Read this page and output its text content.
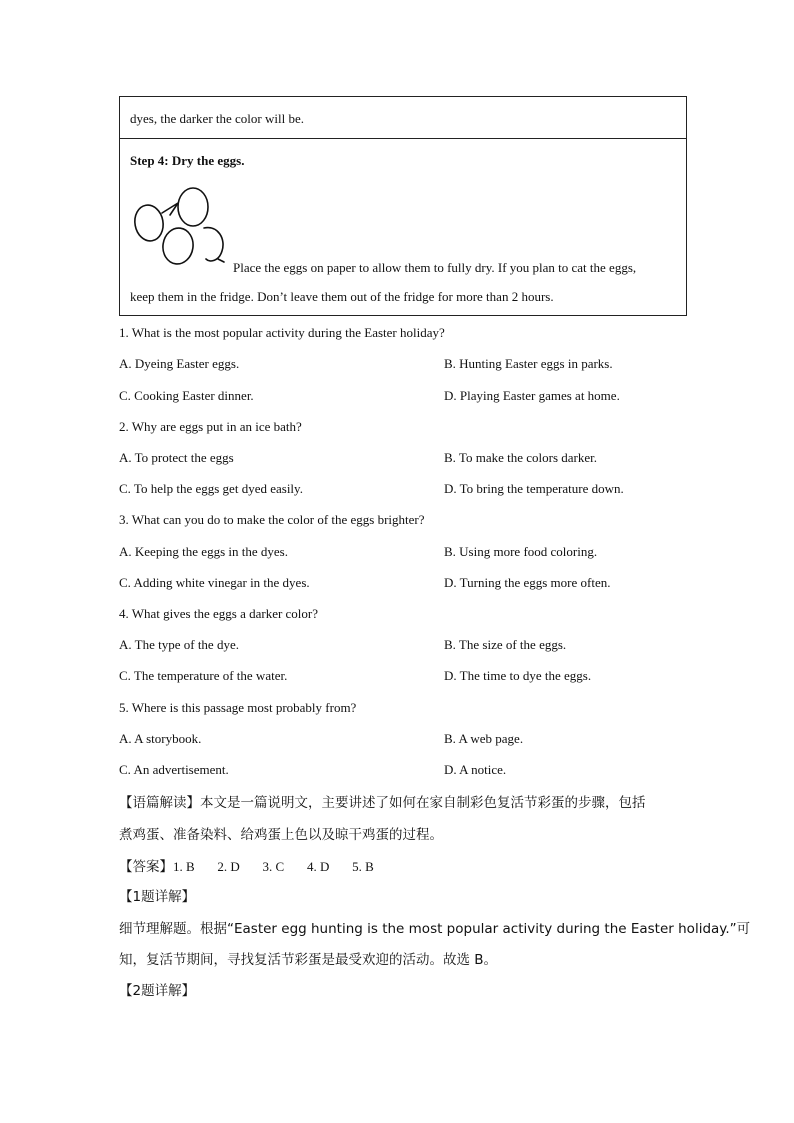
dyes, the darker the color will be.
Step 4: Dry the eggs.
Place the eggs on paper to allow them to fully dry. If you plan to cat the eggs,
keep them in the fridge. Don’t leave them out of the fridge for more than 2 hours.
1. What is the most popular activity during the Easter holiday?
A. Dyeing Easter eggs.	B. Hunting Easter eggs in parks.
C. Cooking Easter dinner.	D. Playing Easter games at home.
2. Why are eggs put in an ice bath?
A. To protect the eggs	B. To make the colors darker.
C. To help the eggs get dyed easily.	D. To bring the temperature down.
3. What can you do to make the color of the eggs brighter?
A. Keeping the eggs in the dyes.	B. Using more food coloring.
C. Adding white vinegar in the dyes.	D. Turning the eggs more often.
4. What gives the eggs a darker color?
A. The type of the dye.	B. The size of the eggs.
C. The temperature of the water.	D. The time to dye the eggs.
5. Where is this passage most probably from?
A. A storybook.	B. A web page.
C. An advertisement.	D. A notice.
【语篇解读】本文是一篇说明文，主要讲述了如何在家自制彩色复活节彩蛋的步骤，包括
煮鸡蛋、准备染料、给鸡蛋上色以及晾干鸡蛋的过程。
【答案】1. B       2. D       3. C       4. D       5. B
【1题详解】
细节理解题。根据“Easter egg hunting is the most popular activity during the Easter holiday.”可
知，复活节期间，寻找复活节彩蛋是最受欢迎的活动。故选 B。
【2题详解】
